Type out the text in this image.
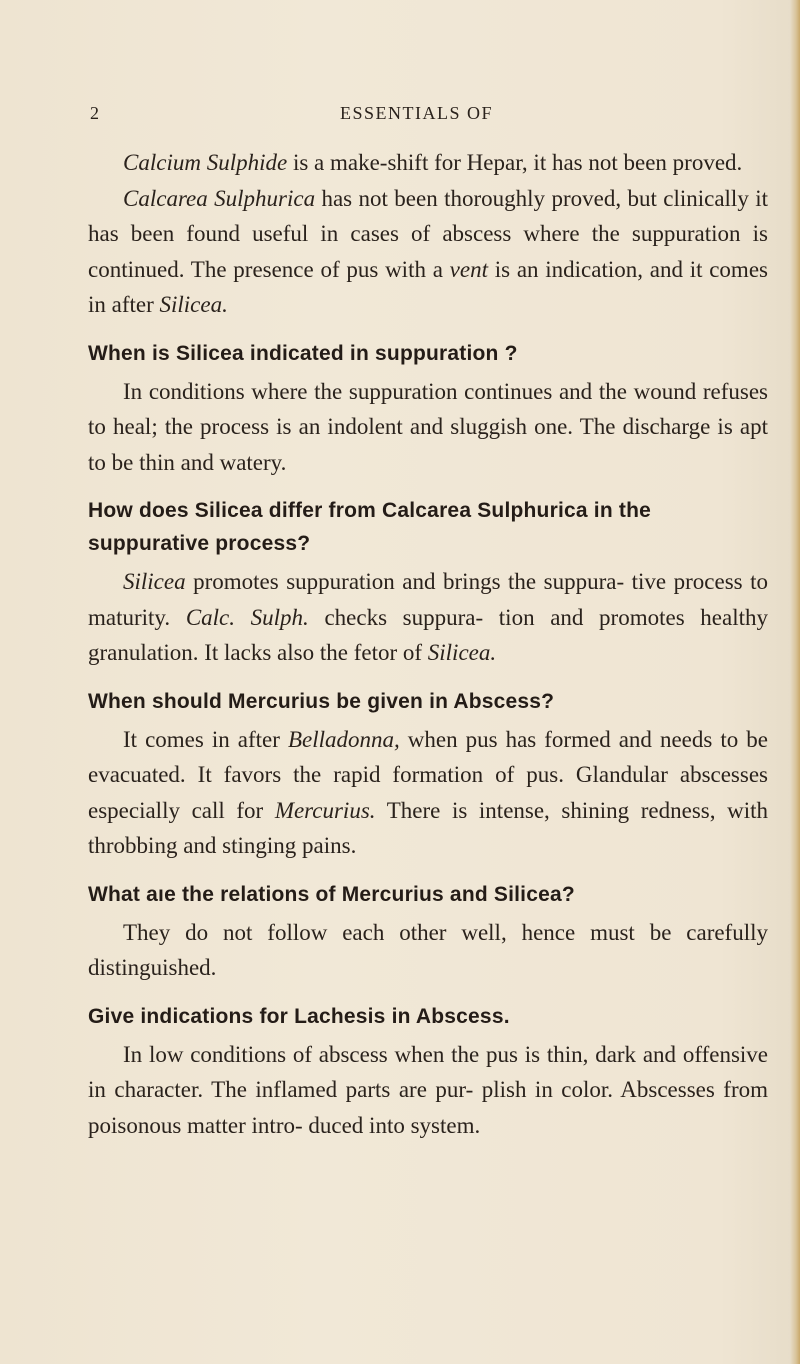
2	ESSENTIALS OF

Calcium Sulphide is a make-shift for Hepar, it has not been proved.

Calcarea Sulphurica has not been thoroughly proved, but clinically it has been found useful in cases of abscess where the suppuration is continued. The presence of pus with a vent is an indication, and it comes in after Silicea.

When is Silicea indicated in suppuration ?

In conditions where the suppuration continues and the wound refuses to heal; the process is an indolent and sluggish one. The discharge is apt to be thin and watery.

How does Silicea differ from Calcarea Sulphurica in the suppurative process?

Silicea promotes suppuration and brings the suppura- tive process to maturity. Calc. Sulph. checks suppura- tion and promotes healthy granulation. It lacks also the fetor of Silicea.

When should Mercurius be given in Abscess?

It comes in after Belladonna, when pus has formed and needs to be evacuated. It favors the rapid formation of pus. Glandular abscesses especially call for Mercurius. There is intense, shining redness, with throbbing and stinging pains.

What aıe the relations of Mercurius and Silicea?

They do not follow each other well, hence must be carefully distinguished.

Give indications for Lachesis in Abscess.

In low conditions of abscess when the pus is thin, dark and offensive in character. The inflamed parts are pur- plish in color. Abscesses from poisonous matter intro- duced into system.
